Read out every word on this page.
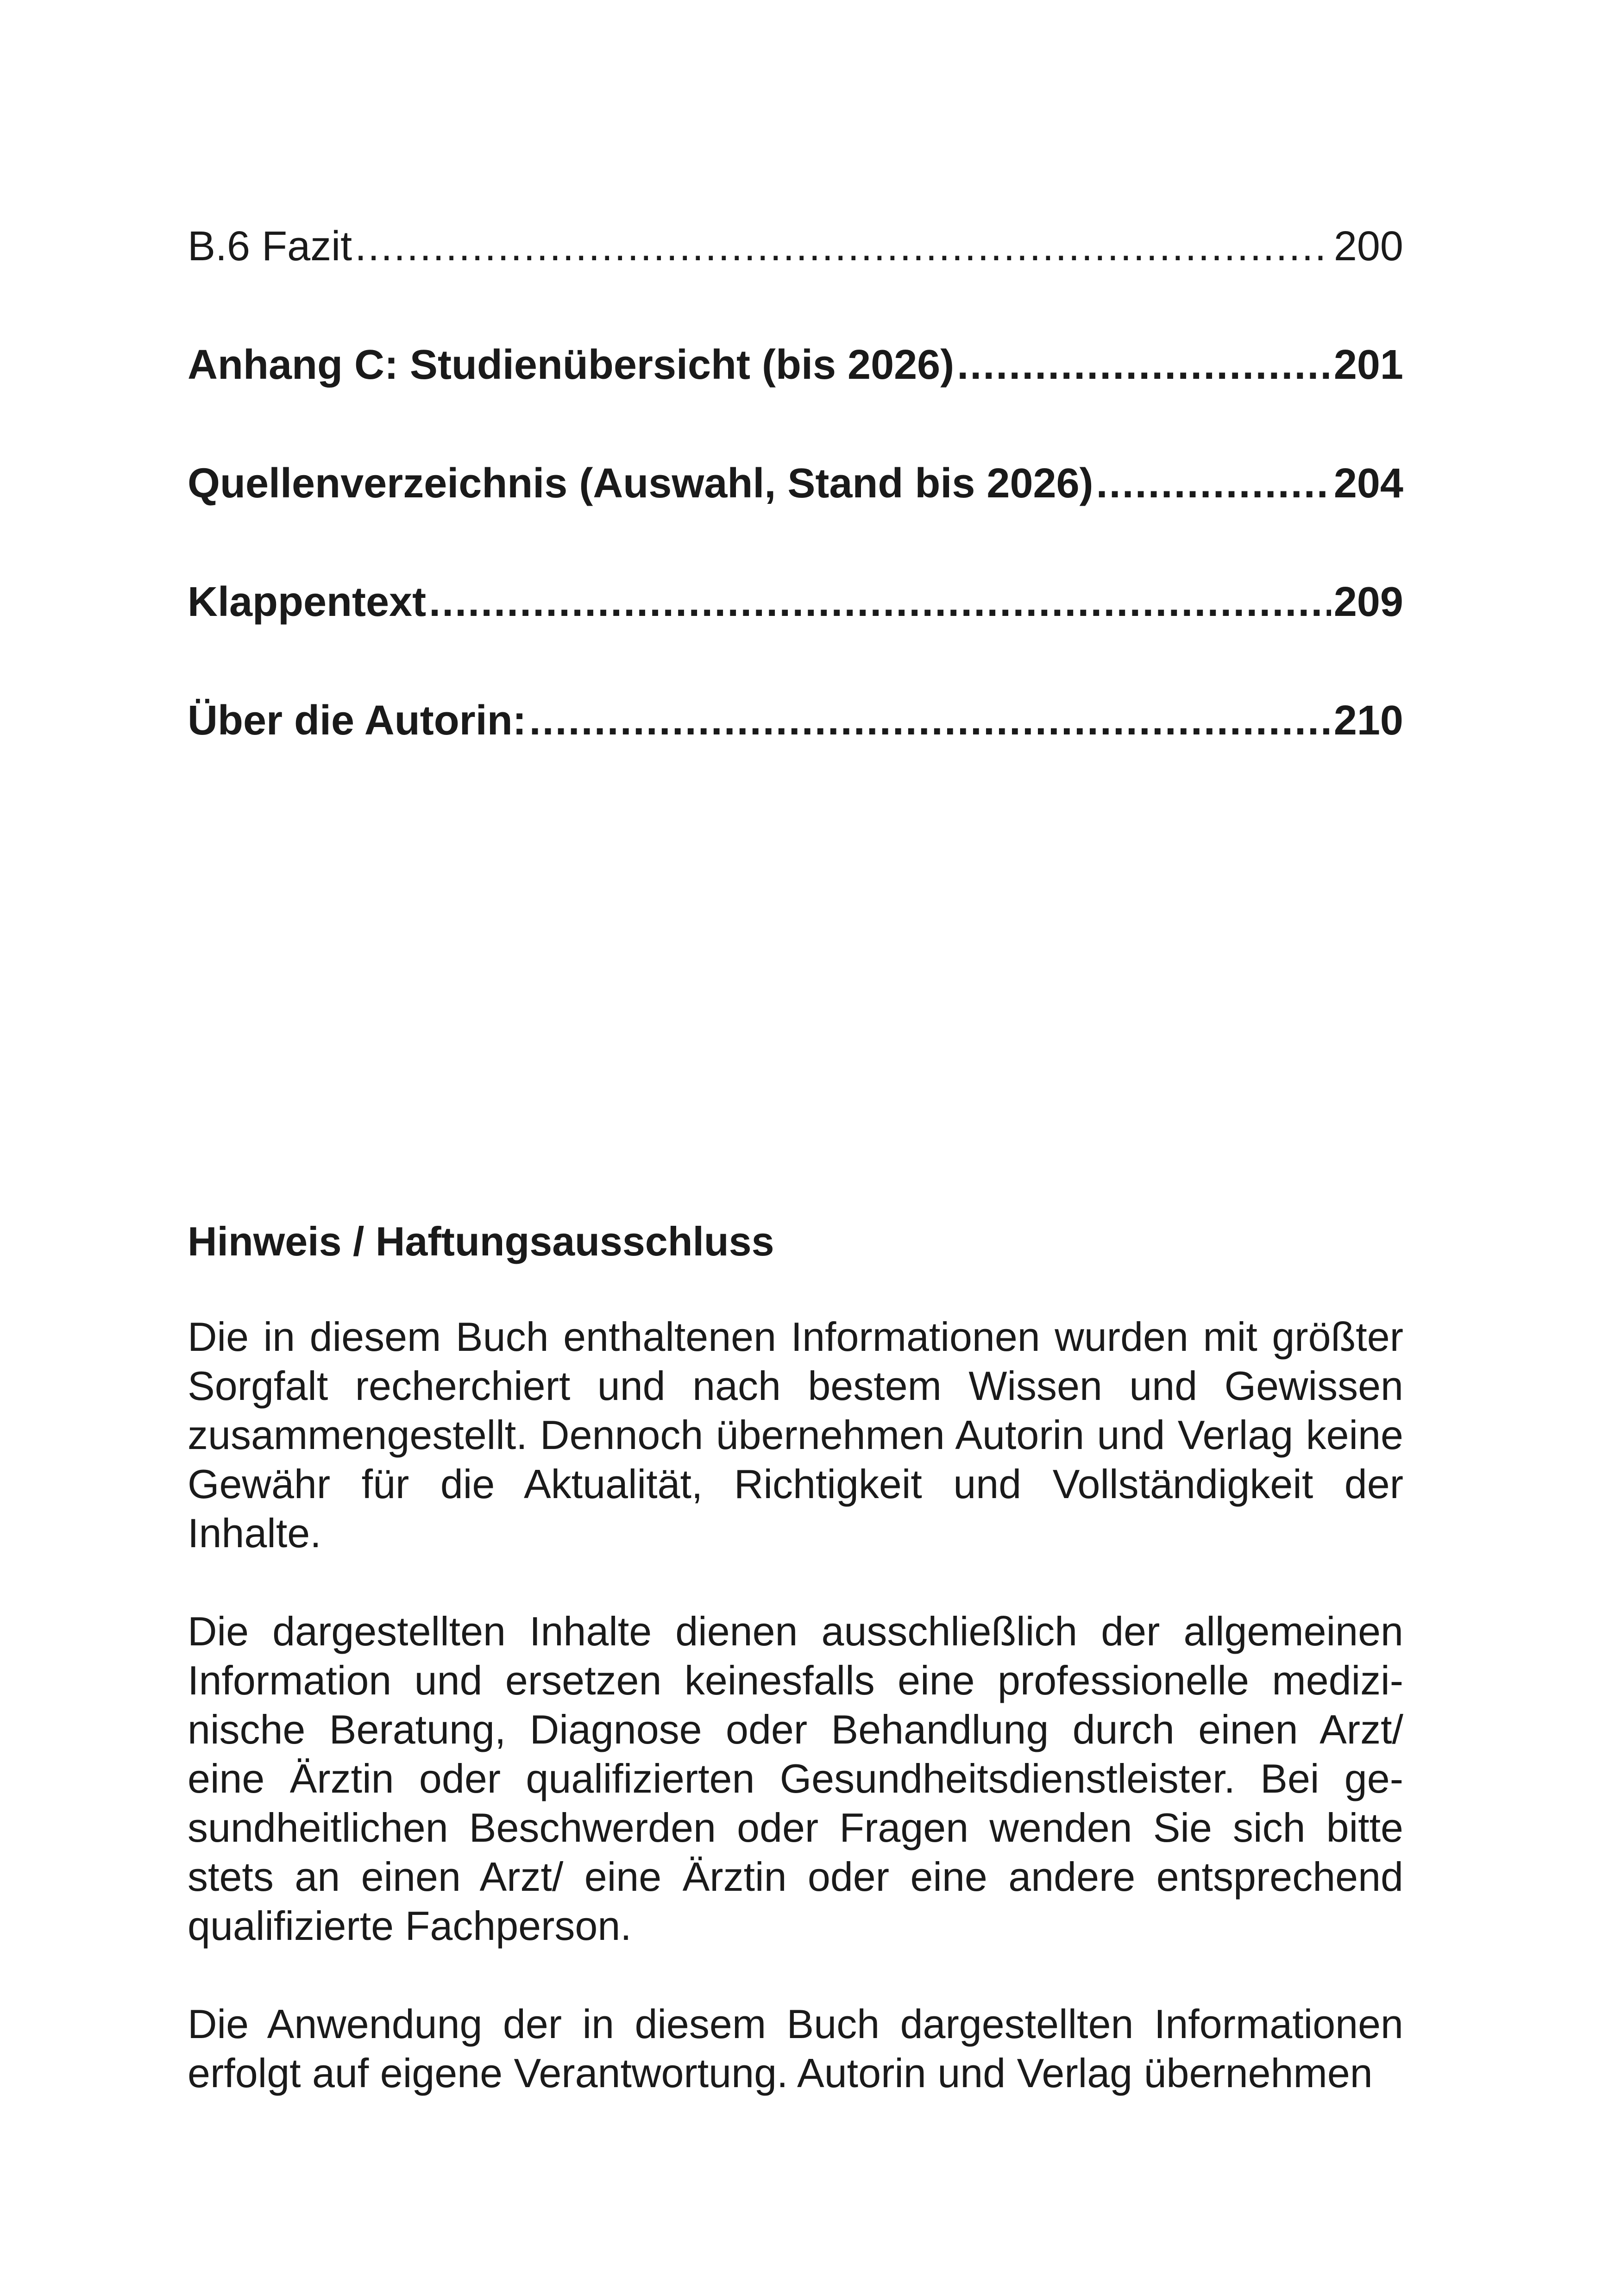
B.6 Fazit .....	200
Anhang C: Studienübersicht (bis 2026) .....	201
Quellenverzeichnis (Auswahl, Stand bis 2026) .....	204
Klappentext .....	209
Über die Autorin: .....	210

Hinweis / Haftungsausschluss

Die in diesem Buch enthaltenen Informationen wurden mit größter Sorgfalt recherchiert und nach bestem Wissen und Gewissen zusammengestellt. Dennoch übernehmen Autorin und Verlag keine Gewähr für die Aktualität, Richtigkeit und Vollständigkeit der Inhalte.

Die dargestellten Inhalte dienen ausschließlich der allgemeinen Information und ersetzen keinesfalls eine professionelle medizinische Beratung, Diagnose oder Behandlung durch einen Arzt/ eine Ärztin oder qualifizierten Gesundheitsdienstleister. Bei gesundheitlichen Beschwerden oder Fragen wenden Sie sich bitte stets an einen Arzt/ eine Ärztin oder eine andere entsprechend qualifizierte Fachperson.

Die Anwendung der in diesem Buch dargestellten Informationen erfolgt auf eigene Verantwortung. Autorin und Verlag übernehmen
